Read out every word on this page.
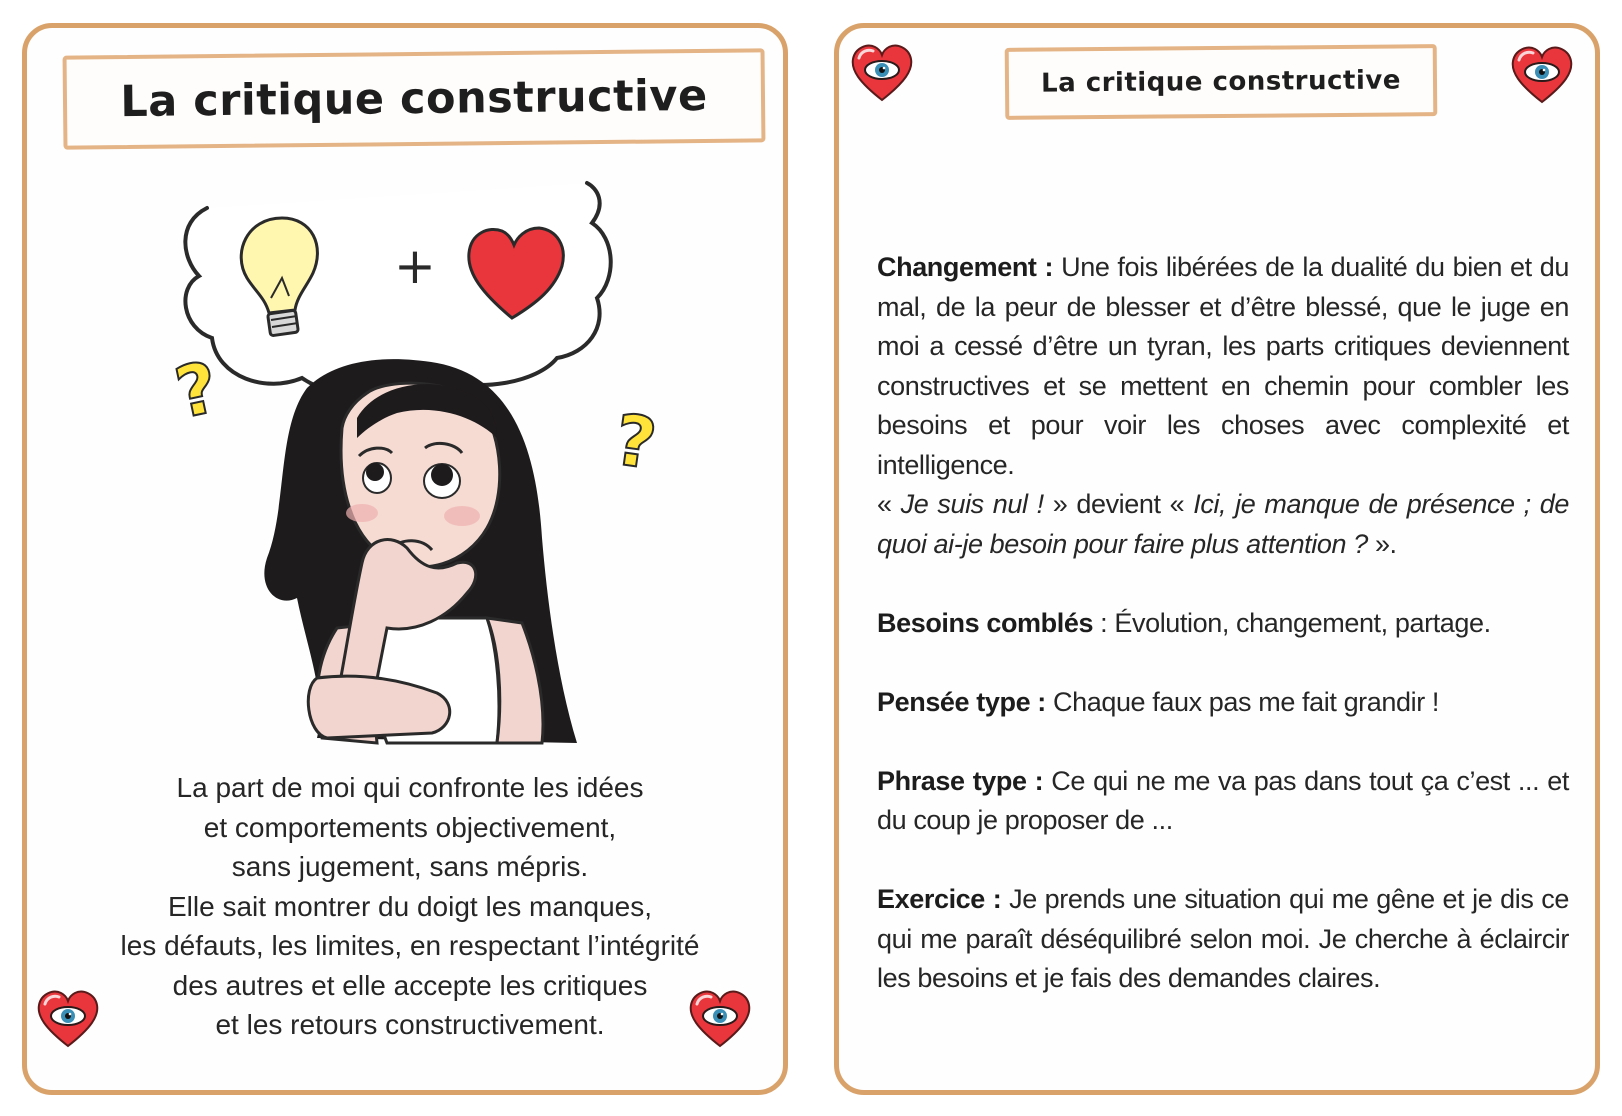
La critique constructive
+
?
?
La part de moi qui confronte les idées
et comportements objectivement,
sans jugement, sans mépris.
Elle sait montrer du doigt les manques,
les défauts, les limites, en respectant l’intégrité
des autres et elle accepte les critiques
et les retours constructivement.
La critique constructive

Changement : Une fois libérées de la dualité du bien et du mal, de la peur de blesser et d’être blessé, que le juge en moi a cessé d’être un tyran, les parts critiques deviennent constructives et se mettent en chemin pour combler les besoins et pour voir les choses avec complexité et intelligence.
« Je suis nul ! » devient « Ici, je manque de présence ; de quoi ai-je besoin pour faire plus attention ? ».

Besoins comblés : Évolution, changement, partage.

Pensée type : Chaque faux pas me fait grandir !

Phrase type : Ce qui ne me va pas dans tout ça c’est ... et du coup je proposer de ...

Exercice : Je prends une situation qui me gêne et je dis ce qui me paraît déséquilibré selon moi. Je cherche à éclaircir les besoins et je fais des demandes claires.
